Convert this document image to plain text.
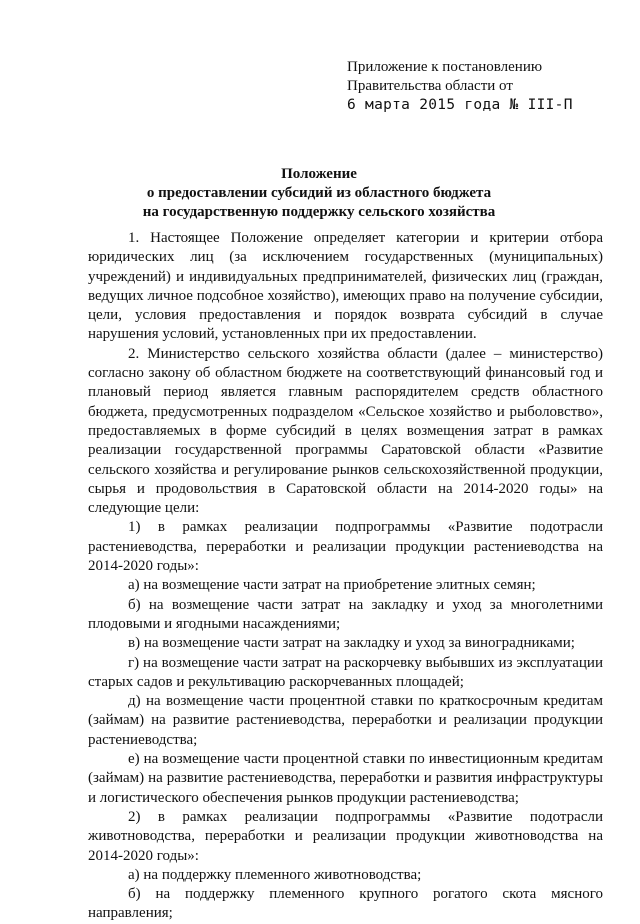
Приложение к постановлению
Правительства области от
6 марта 2015 года № III-П
Положение
о предоставлении субсидий из областного бюджета
на государственную поддержку сельского хозяйства

1. Настоящее Положение определяет категории и критерии отбора юридических лиц (за исключением государственных (муниципальных) учреждений) и индивидуальных предпринимателей, физических лиц (граждан, ведущих личное подсобное хозяйство), имеющих право на получение субсидии, цели, условия предоставления и порядок возврата субсидий в случае нарушения условий, установленных при их предоставлении.

2. Министерство сельского хозяйства области (далее – министерство) согласно закону об областном бюджете на соответствующий финансовый год и плановый период является главным распорядителем средств областного бюджета, предусмотренных подразделом «Сельское хозяйство и рыболовство», предоставляемых в форме субсидий в целях возмещения затрат в рамках реализации государственной программы Саратовской области «Развитие сельского хозяйства и регулирование рынков сельскохозяйственной продукции, сырья и продовольствия в Саратовской области на 2014-2020 годы» на следующие цели:

1) в рамках реализации подпрограммы «Развитие подотрасли растениеводства, переработки и реализации продукции растениеводства на 2014-2020 годы»:

а) на возмещение части затрат на приобретение элитных семян;

б) на возмещение части затрат на закладку и уход за многолетними плодовыми и ягодными насаждениями;

в) на возмещение части затрат на закладку и уход за виноградниками;

г) на возмещение части затрат на раскорчевку выбывших из эксплуатации старых садов и рекультивацию раскорчеванных площадей;

д) на возмещение части процентной ставки по краткосрочным кредитам (займам) на развитие растениеводства, переработки и реализации продукции растениеводства;

е) на возмещение части процентной ставки по инвестиционным кредитам (займам) на развитие растениеводства, переработки и развития инфраструктуры и логистического обеспечения рынков продукции растениеводства;

2) в рамках реализации подпрограммы «Развитие подотрасли животноводства, переработки и реализации продукции животноводства на 2014-2020 годы»:

а) на поддержку племенного животноводства;

б) на поддержку племенного крупного рогатого скота мясного направления;
